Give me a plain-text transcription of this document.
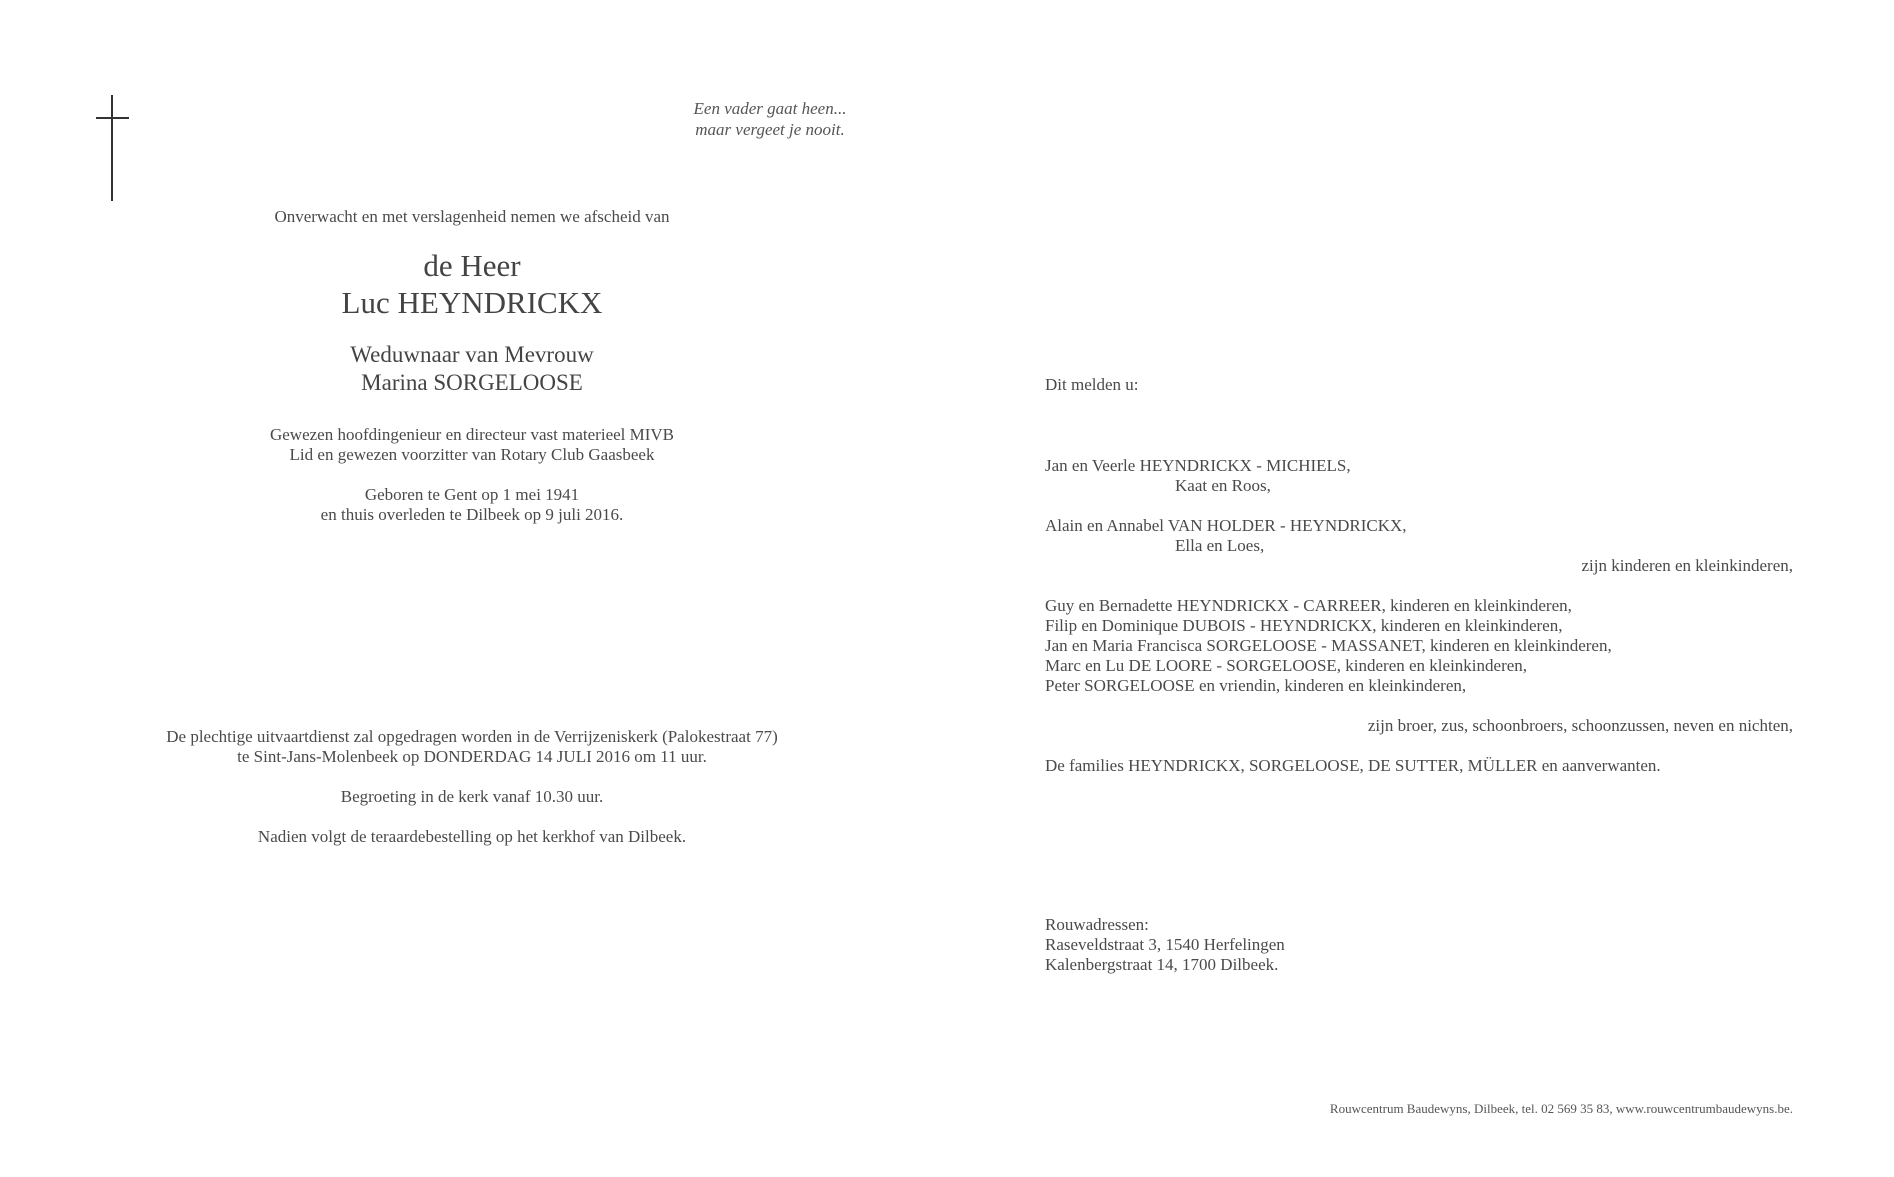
Een vader gaat heen...
maar vergeet je nooit.
Onverwacht en met verslagenheid nemen we afscheid van
de Heer
Luc HEYNDRICKX
Weduwnaar van Mevrouw
Marina SORGELOOSE
Gewezen hoofdingenieur en directeur vast materieel MIVB
Lid en gewezen voorzitter van Rotary Club Gaasbeek
Geboren te Gent op 1 mei 1941
en thuis overleden te Dilbeek op 9 juli 2016.
De plechtige uitvaartdienst zal opgedragen worden in de Verrijzeniskerk (Palokestraat 77)
te Sint-Jans-Molenbeek op DONDERDAG 14 JULI 2016 om 11 uur.
Begroeting in de kerk vanaf 10.30 uur.
Nadien volgt de teraardebestelling op het kerkhof van Dilbeek.
Dit melden u:
Jan en Veerle HEYNDRICKX - MICHIELS,
Kaat en Roos,
Alain en Annabel VAN HOLDER - HEYNDRICKX,
Ella en Loes,
zijn kinderen en kleinkinderen,
Guy en Bernadette HEYNDRICKX - CARREER, kinderen en kleinkinderen,
Filip en Dominique DUBOIS - HEYNDRICKX, kinderen en kleinkinderen,
Jan en Maria Francisca SORGELOOSE - MASSANET, kinderen en kleinkinderen,
Marc en Lu DE LOORE - SORGELOOSE, kinderen en kleinkinderen,
Peter SORGELOOSE en vriendin, kinderen en kleinkinderen,
zijn broer, zus, schoonbroers, schoonzussen, neven en nichten,
De families HEYNDRICKX, SORGELOOSE, DE SUTTER, MÜLLER en aanverwanten.
Rouwadressen:
Raseveldstraat 3, 1540 Herfelingen
Kalenbergstraat 14, 1700 Dilbeek.
Rouwcentrum Baudewyns, Dilbeek, tel. 02 569 35 83, www.rouwcentrumbaudewyns.be.
